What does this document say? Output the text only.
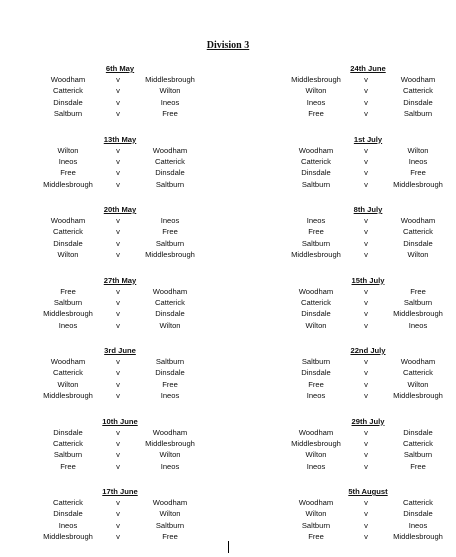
Division 3
6th May
Woodham	v	Middlesbrough
Catterick	v	Wilton
Dinsdale	v	Ineos
Saltburn	v	Free
13th May
Wilton	v	Woodham
Ineos	v	Catterick
Free	v	Dinsdale
Middlesbrough	v	Saltburn
20th May
Woodham	v	Ineos
Catterick	v	Free
Dinsdale	v	Saltburn
Wilton	v	Middlesbrough
27th May
Free	v	Woodham
Saltburn	v	Catterick
Middlesbrough	v	Dinsdale
Ineos	v	Wilton
3rd June
Woodham	v	Saltburn
Catterick	v	Dinsdale
Wilton	v	Free
Middlesbrough	v	Ineos
10th June
Dinsdale	v	Woodham
Catterick	v	Middlesbrough
Saltburn	v	Wilton
Free	v	Ineos
17th June
Catterick	v	Woodham
Dinsdale	v	Wilton
Ineos	v	Saltburn
Middlesbrough	v	Free
24th June
Middlesbrough	v	Woodham
Wilton	v	Catterick
Ineos	v	Dinsdale
Free	v	Saltburn
1st July
Woodham	v	Wilton
Catterick	v	Ineos
Dinsdale	v	Free
Saltburn	v	Middlesbrough
8th July
Ineos	v	Woodham
Free	v	Catterick
Saltburn	v	Dinsdale
Middlesbrough	v	Wilton
15th July
Woodham	v	Free
Catterick	v	Saltburn
Dinsdale	v	Middlesbrough
Wilton	v	Ineos
22nd July
Saltburn	v	Woodham
Dinsdale	v	Catterick
Free	v	Wilton
Ineos	v	Middlesbrough
29th July
Woodham	v	Dinsdale
Middlesbrough	v	Catterick
Wilton	v	Saltburn
Ineos	v	Free
5th August
Woodham	v	Catterick
Wilton	v	Dinsdale
Saltburn	v	Ineos
Free	v	Middlesbrough
